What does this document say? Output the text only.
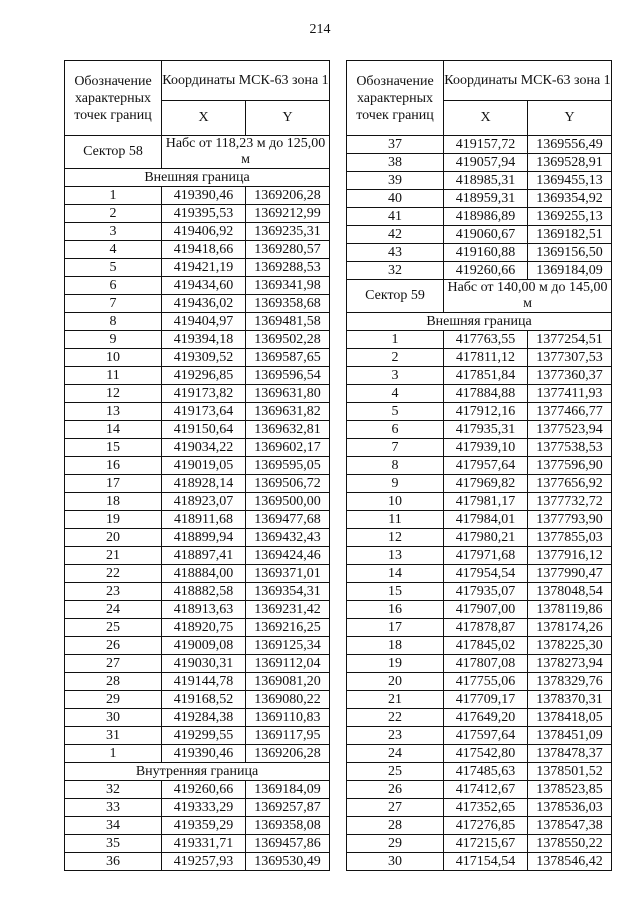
214
Обозначение характерных точек границ	Координаты МСК-63 зона 1	
	X	Y
Сектор 58	Набс от 118,23 м до 125,00 м	
Внешняя граница		
1	419390,46	1369206,28
2	419395,53	1369212,99
3	419406,92	1369235,31
4	419418,66	1369280,57
5	419421,19	1369288,53
6	419434,60	1369341,98
7	419436,02	1369358,68
8	419404,97	1369481,58
9	419394,18	1369502,28
10	419309,52	1369587,65
11	419296,85	1369596,54
12	419173,82	1369631,80
13	419173,64	1369631,82
14	419150,64	1369632,81
15	419034,22	1369602,17
16	419019,05	1369595,05
17	418928,14	1369506,72
18	418923,07	1369500,00
19	418911,68	1369477,68
20	418899,94	1369432,43
21	418897,41	1369424,46
22	418884,00	1369371,01
23	418882,58	1369354,31
24	418913,63	1369231,42
25	418920,75	1369216,25
26	419009,08	1369125,34
27	419030,31	1369112,04
28	419144,78	1369081,20
29	419168,52	1369080,22
30	419284,38	1369110,83
31	419299,55	1369117,95
1	419390,46	1369206,28
Внутренняя граница		
32	419260,66	1369184,09
33	419333,29	1369257,87
34	419359,29	1369358,08
35	419331,71	1369457,86
36	419257,93	1369530,49
Обозначение характерных точек границ	Координаты МСК-63 зона 1	
	X	Y
37	419157,72	1369556,49
38	419057,94	1369528,91
39	418985,31	1369455,13
40	418959,31	1369354,92
41	418986,89	1369255,13
42	419060,67	1369182,51
43	419160,88	1369156,50
32	419260,66	1369184,09
Сектор 59	Набс от 140,00 м до 145,00 м	
Внешняя граница		
1	417763,55	1377254,51
2	417811,12	1377307,53
3	417851,84	1377360,37
4	417884,88	1377411,93
5	417912,16	1377466,77
6	417935,31	1377523,94
7	417939,10	1377538,53
8	417957,64	1377596,90
9	417969,82	1377656,92
10	417981,17	1377732,72
11	417984,01	1377793,90
12	417980,21	1377855,03
13	417971,68	1377916,12
14	417954,54	1377990,47
15	417935,07	1378048,54
16	417907,00	1378119,86
17	417878,87	1378174,26
18	417845,02	1378225,30
19	417807,08	1378273,94
20	417755,06	1378329,76
21	417709,17	1378370,31
22	417649,20	1378418,05
23	417597,64	1378451,09
24	417542,80	1378478,37
25	417485,63	1378501,52
26	417412,67	1378523,85
27	417352,65	1378536,03
28	417276,85	1378547,38
29	417215,67	1378550,22
30	417154,54	1378546,42
